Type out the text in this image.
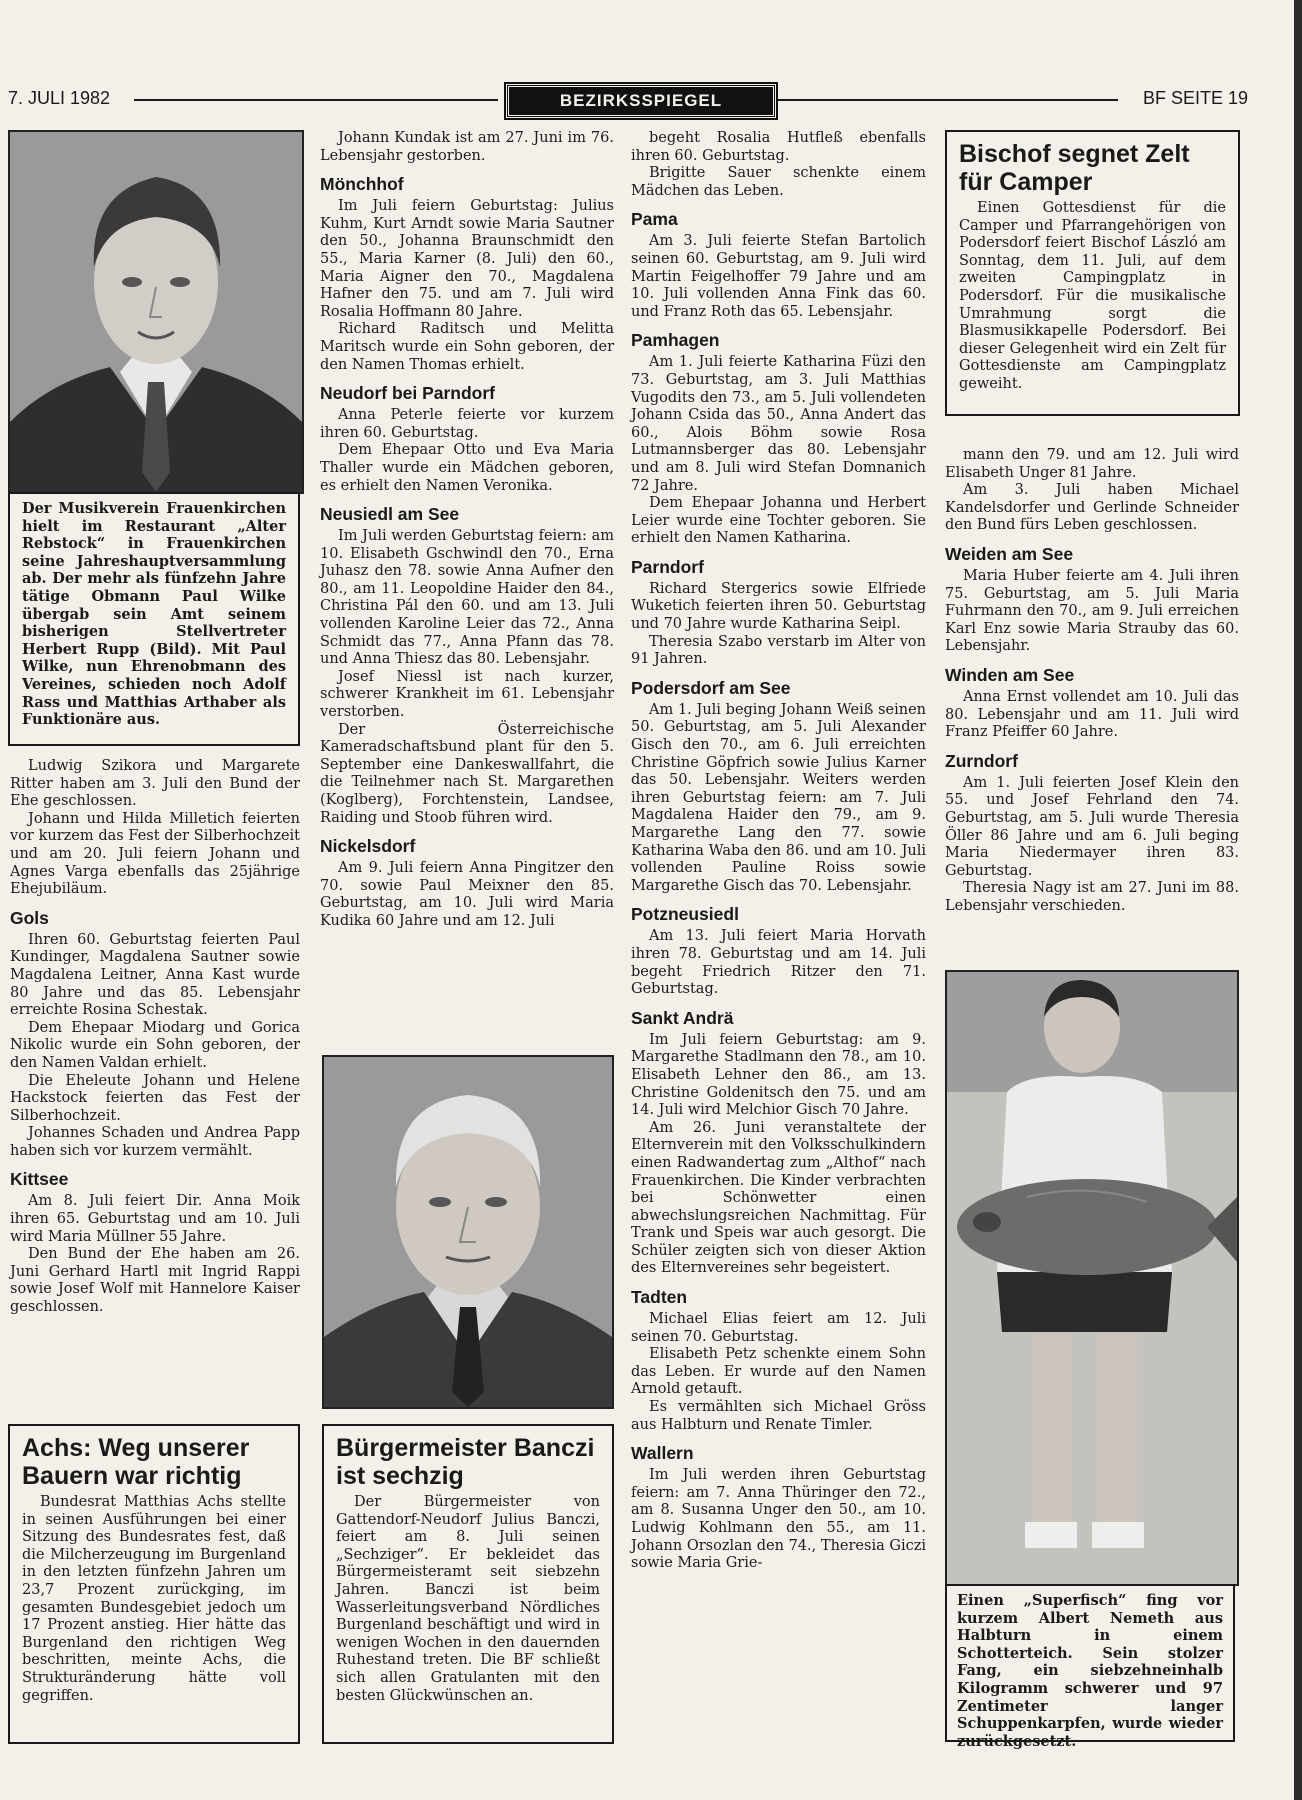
7. JULI 1982	BEZIRKSSPIEGEL	BF SEITE 19

Der Musikverein Frauenkirchen hielt im Restaurant „Alter Rebstock“ in Frauenkirchen seine Jahreshauptversammlung ab. Der mehr als fünfzehn Jahre tätige Obmann Paul Wilke übergab sein Amt seinem bisherigen Stellvertreter Herbert Rupp (Bild). Mit Paul Wilke, nun Ehrenobmann des Vereines, schieden noch Adolf Rass und Matthias Arthaber als Funktionäre aus.

Ludwig Szikora und Margarete Ritter haben am 3. Juli den Bund der Ehe geschlossen.

Johann und Hilda Milletich feierten vor kurzem das Fest der Silberhochzeit und am 20. Juli feiern Johann und Agnes Varga ebenfalls das 25jährige Ehejubiläum.

Gols

Ihren 60. Geburtstag feierten Paul Kundinger, Magdalena Sautner sowie Magdalena Leitner, Anna Kast wurde 80 Jahre und das 85. Lebensjahr erreichte Rosina Schestak.

Dem Ehepaar Miodarg und Gorica Nikolic wurde ein Sohn geboren, der den Namen Valdan erhielt.

Die Eheleute Johann und Helene Hackstock feierten das Fest der Silberhochzeit.

Johannes Schaden und Andrea Papp haben sich vor kurzem vermählt.

Kittsee

Am 8. Juli feiert Dir. Anna Moik ihren 65. Geburtstag und am 10. Juli wird Maria Müllner 55 Jahre.

Den Bund der Ehe haben am 26. Juni Gerhard Hartl mit Ingrid Rappi sowie Josef Wolf mit Hannelore Kaiser geschlossen.

Achs: Weg unserer Bauern war richtig

Bundesrat Matthias Achs stellte in seinen Ausführungen bei einer Sitzung des Bundesrates fest, daß die Milcherzeugung im Burgenland in den letzten fünfzehn Jahren um 23,7 Prozent zurückging, im gesamten Bundesgebiet jedoch um 17 Prozent anstieg. Hier hätte das Burgenland den richtigen Weg beschritten, meinte Achs, die Strukturänderung hätte voll gegriffen.

Johann Kundak ist am 27. Juni im 76. Lebensjahr gestorben.

Mönchhof

Im Juli feiern Geburtstag: Julius Kuhm, Kurt Arndt sowie Maria Sautner den 50., Johanna Braunschmidt den 55., Maria Karner (8. Juli) den 60., Maria Aigner den 70., Magdalena Hafner den 75. und am 7. Juli wird Rosalia Hoffmann 80 Jahre.

Richard Raditsch und Melitta Maritsch wurde ein Sohn geboren, der den Namen Thomas erhielt.

Neudorf bei Parndorf

Anna Peterle feierte vor kurzem ihren 60. Geburtstag.

Dem Ehepaar Otto und Eva Maria Thaller wurde ein Mädchen geboren, es erhielt den Namen Veronika.

Neusiedl am See

Im Juli werden Geburtstag feiern: am 10. Elisabeth Gschwindl den 70., Erna Juhasz den 78. sowie Anna Aufner den 80., am 11. Leopoldine Haider den 84., Christina Pál den 60. und am 13. Juli vollenden Karoline Leier das 72., Anna Schmidt das 77., Anna Pfann das 78. und Anna Thiesz das 80. Lebensjahr.

Josef Niessl ist nach kurzer, schwerer Krankheit im 61. Lebensjahr verstorben.

Der Österreichische Kameradschaftsbund plant für den 5. September eine Dankeswallfahrt, die die Teilnehmer nach St. Margarethen (Koglberg), Forchtenstein, Landsee, Raiding und Stoob führen wird.

Nickelsdorf

Am 9. Juli feiern Anna Pingitzer den 70. sowie Paul Meixner den 85. Geburtstag, am 10. Juli wird Maria Kudika 60 Jahre und am 12. Juli

Bürgermeister Banczi ist sechzig

Der Bürgermeister von Gattendorf-Neudorf Julius Banczi, feiert am 8. Juli seinen „Sechziger“. Er bekleidet das Bürgermeisteramt seit siebzehn Jahren. Banczi ist beim Wasserleitungsverband Nördliches Burgenland beschäftigt und wird in wenigen Wochen in den dauernden Ruhestand treten. Die BF schließt sich allen Gratulanten mit den besten Glückwünschen an.

begeht Rosalia Hutfleß ebenfalls ihren 60. Geburtstag.

Brigitte Sauer schenkte einem Mädchen das Leben.

Pama

Am 3. Juli feierte Stefan Bartolich seinen 60. Geburtstag, am 9. Juli wird Martin Feigelhoffer 79 Jahre und am 10. Juli vollenden Anna Fink das 60. und Franz Roth das 65. Lebensjahr.

Pamhagen

Am 1. Juli feierte Katharina Füzi den 73. Geburtstag, am 3. Juli Matthias Vugodits den 73., am 5. Juli vollendeten Johann Csida das 50., Anna Andert das 60., Alois Böhm sowie Rosa Lutmannsberger das 80. Lebensjahr und am 8. Juli wird Stefan Domnanich 72 Jahre.

Dem Ehepaar Johanna und Herbert Leier wurde eine Tochter geboren. Sie erhielt den Namen Katharina.

Parndorf

Richard Stergerics sowie Elfriede Wuketich feierten ihren 50. Geburtstag und 70 Jahre wurde Katharina Seipl.

Theresia Szabo verstarb im Alter von 91 Jahren.

Podersdorf am See

Am 1. Juli beging Johann Weiß seinen 50. Geburtstag, am 5. Juli Alexander Gisch den 70., am 6. Juli erreichten Christine Göpfrich sowie Julius Karner das 50. Lebensjahr. Weiters werden ihren Geburtstag feiern: am 7. Juli Magdalena Haider den 79., am 9. Margarethe Lang den 77. sowie Katharina Waba den 86. und am 10. Juli vollenden Pauline Roiss sowie Margarethe Gisch das 70. Lebensjahr.

Potzneusiedl

Am 13. Juli feiert Maria Horvath ihren 78. Geburtstag und am 14. Juli begeht Friedrich Ritzer den 71. Geburtstag.

Sankt Andrä

Im Juli feiern Geburtstag: am 9. Margarethe Stadlmann den 78., am 10. Elisabeth Lehner den 86., am 13. Christine Goldenitsch den 75. und am 14. Juli wird Melchior Gisch 70 Jahre.

Am 26. Juni veranstaltete der Elternverein mit den Volksschulkindern einen Radwandertag zum „Althof“ nach Frauenkirchen. Die Kinder verbrachten bei Schönwetter einen abwechslungsreichen Nachmittag. Für Trank und Speis war auch gesorgt. Die Schüler zeigten sich von dieser Aktion des Elternvereines sehr begeistert.

Tadten

Michael Elias feiert am 12. Juli seinen 70. Geburtstag.

Elisabeth Petz schenkte einem Sohn das Leben. Er wurde auf den Namen Arnold getauft.

Es vermählten sich Michael Gröss aus Halbturn und Renate Timler.

Wallern

Im Juli werden ihren Geburtstag feiern: am 7. Anna Thüringer den 72., am 8. Susanna Unger den 50., am 10. Ludwig Kohlmann den 55., am 11. Johann Orsozlan den 74., Theresia Giczi sowie Maria Grie-

Bischof segnet Zelt für Camper

Einen Gottesdienst für die Camper und Pfarrangehörigen von Podersdorf feiert Bischof László am Sonntag, dem 11. Juli, auf dem zweiten Campingplatz in Podersdorf. Für die musikalische Umrahmung sorgt die Blasmusikkapelle Podersdorf. Bei dieser Gelegenheit wird ein Zelt für Gottesdienste am Campingplatz geweiht.

mann den 79. und am 12. Juli wird Elisabeth Unger 81 Jahre.

Am 3. Juli haben Michael Kandelsdorfer und Gerlinde Schneider den Bund fürs Leben geschlossen.

Weiden am See

Maria Huber feierte am 4. Juli ihren 75. Geburtstag, am 5. Juli Maria Fuhrmann den 70., am 9. Juli erreichen Karl Enz sowie Maria Strauby das 60. Lebensjahr.

Winden am See

Anna Ernst vollendet am 10. Juli das 80. Lebensjahr und am 11. Juli wird Franz Pfeiffer 60 Jahre.

Zurndorf

Am 1. Juli feierten Josef Klein den 55. und Josef Fehrland den 74. Geburtstag, am 5. Juli wurde Theresia Öller 86 Jahre und am 6. Juli beging Maria Niedermayer ihren 83. Geburtstag.

Theresia Nagy ist am 27. Juni im 88. Lebensjahr verschieden.

Einen „Superfisch“ fing vor kurzem Albert Nemeth aus Halbturn in einem Schotterteich. Sein stolzer Fang, ein siebzehneinhalb Kilogramm schwerer und 97 Zentimeter langer Schuppenkarpfen, wurde wieder zurückgesetzt.
